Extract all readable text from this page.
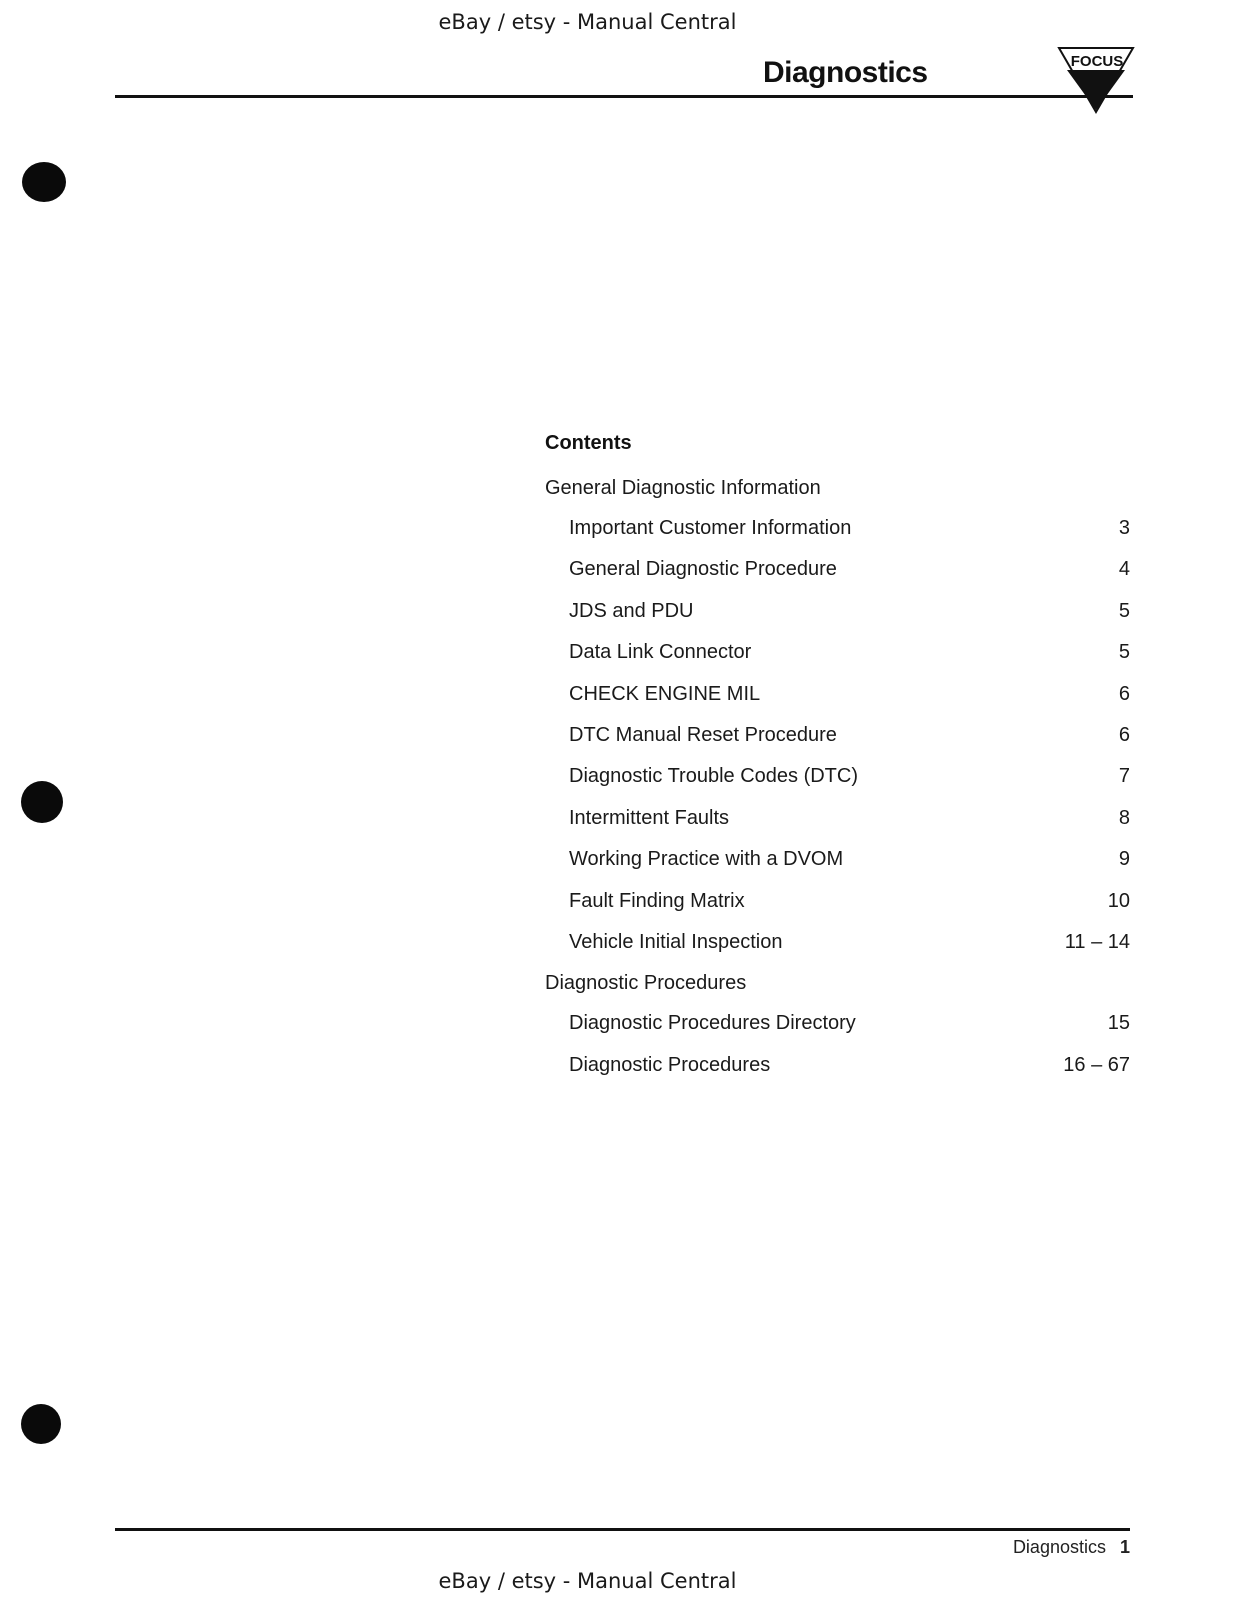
eBay / etsy - Manual Central
Diagnostics	FOCUS
Contents
General Diagnostic Information
Important Customer Information	3
General Diagnostic Procedure	4
JDS and PDU	5
Data Link Connector	5
CHECK ENGINE MIL	6
DTC Manual Reset Procedure	6
Diagnostic Trouble Codes (DTC)	7
Intermittent Faults	8
Working Practice with a DVOM	9
Fault Finding Matrix	10
Vehicle Initial Inspection	11 – 14
Diagnostic Procedures
Diagnostic Procedures Directory	15
Diagnostic Procedures	16 – 67
Diagnostics 1
eBay / etsy - Manual Central
